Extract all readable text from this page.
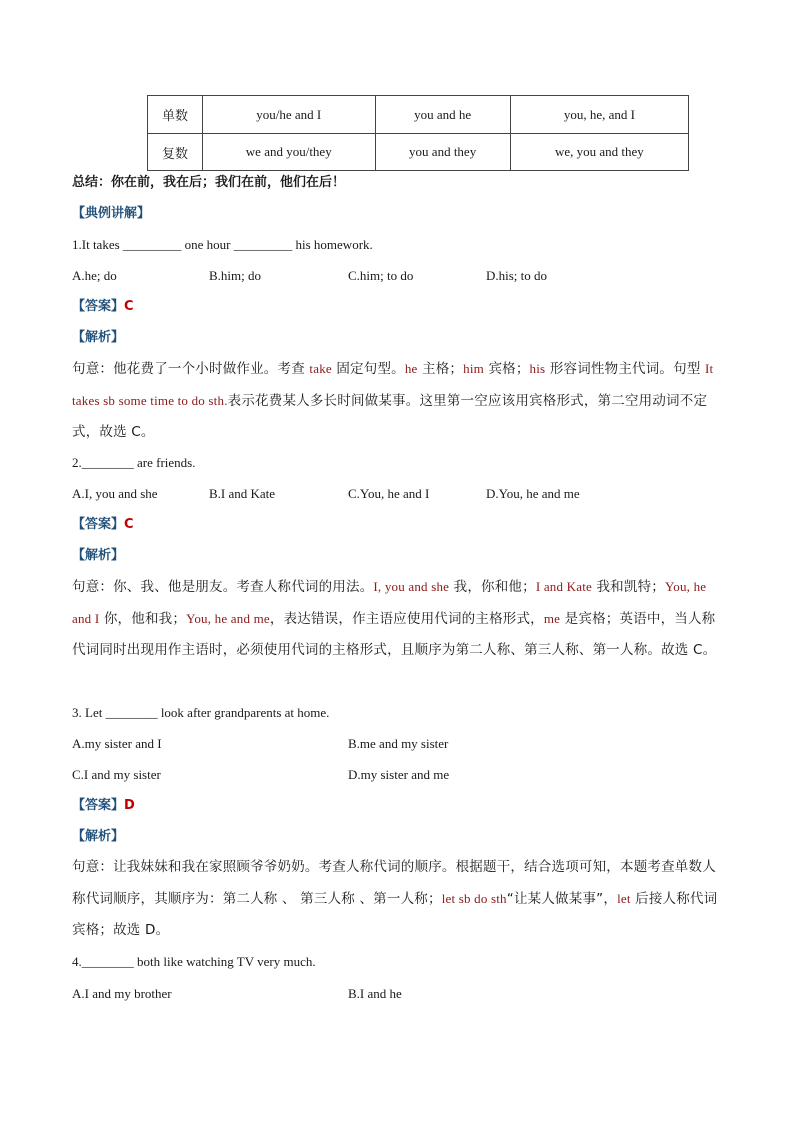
单数	you/he and I	you and he	you, he, and I
复数	we and you/they	you and they	we, you and they
总结：你在前，我在后；我们在前，他们在后！
【典例讲解】
1.It takes _________ one hour _________ his homework.
A.he; do	B.him; do	C.him; to do	D.his; to do
【答案】C
【解析】
句意：他花费了一个小时做作业。考查 take 固定句型。he 主格；him 宾格；his 形容词性物主代词。句型 It takes sb some time to do sth.表示花费某人多长时间做某事。这里第一空应该用宾格形式，第二空用动词不定式，故选 C。
2.________ are friends.
A.I, you and she	B.I and Kate	C.You, he and I	D.You, he and me
【答案】C
【解析】
句意：你、我、他是朋友。考查人称代词的用法。I, you and she 我，你和他；I and Kate 我和凯特；You, he and I 你，他和我；You, he and me，表达错误，作主语应使用代词的主格形式，me 是宾格；英语中，当人称代词同时出现用作主语时，必须使用代词的主格形式，且顺序为第二人称、第三人称、第一人称。故选 C。
3. Let ________ look after grandparents at home.
A.my sister and I	B.me and my sister
C.I and my sister	D.my sister and me
【答案】D
【解析】
句意：让我妹妹和我在家照顾爷爷奶奶。考查人称代词的顺序。根据题干，结合选项可知，本题考查单数人称代词顺序，其顺序为：第二人称 、 第三人称 、第一人称；let sb do sth“让某人做某事”，let 后接人称代词宾格；故选 D。
4.________ both like watching TV very much.
A.I and my brother	B.I and he
